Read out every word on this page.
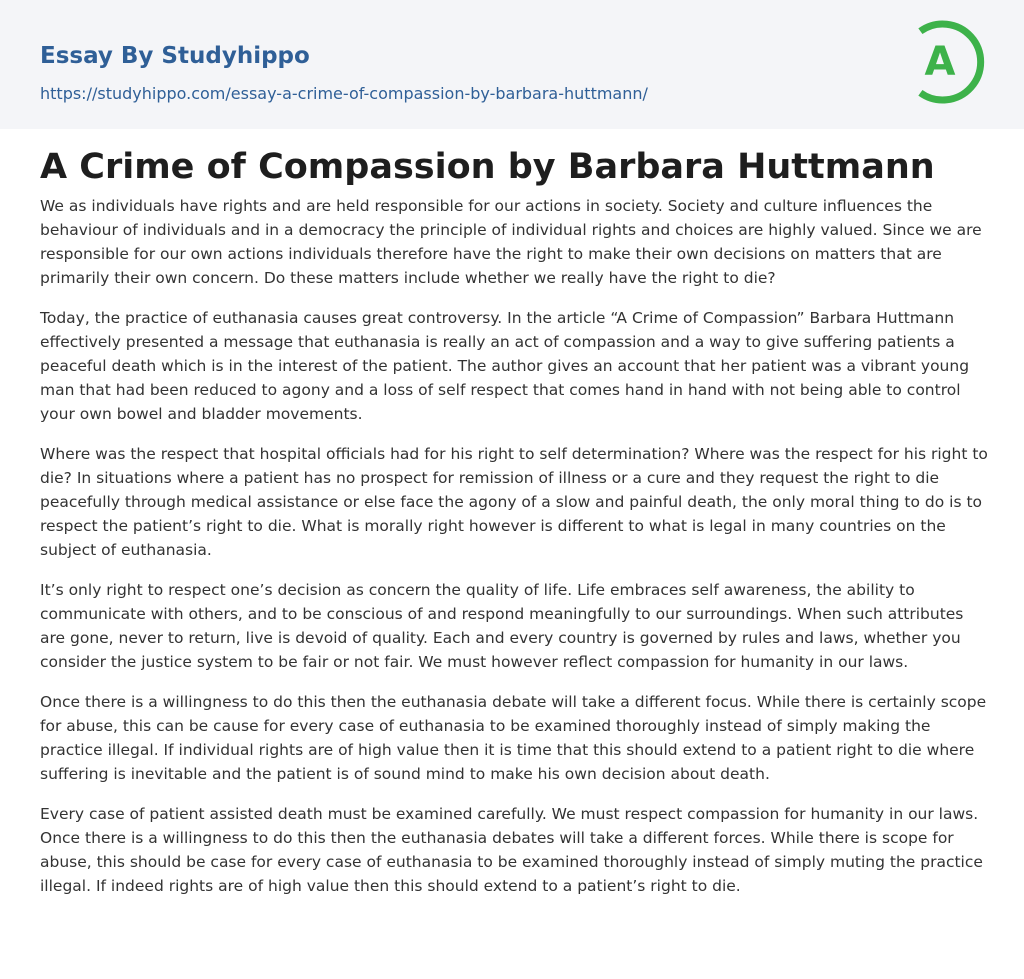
Essay By Studyhippo
https://studyhippo.com/essay-a-crime-of-compassion-by-barbara-huttmann/
A
A Crime of Compassion by Barbara Huttmann

We as individuals have rights and are held responsible for our actions in society. Society and culture influences the behaviour of individuals and in a democracy the principle of individual rights and choices are highly valued. Since we are responsible for our own actions individuals therefore have the right to make their own decisions on matters that are primarily their own concern. Do these matters include whether we really have the right to die?

Today, the practice of euthanasia causes great controversy. In the article “A Crime of Compassion” Barbara Huttmann effectively presented a message that euthanasia is really an act of compassion and a way to give suffering patients a peaceful death which is in the interest of the patient. The author gives an account that her patient was a vibrant young man that had been reduced to agony and a loss of self respect that comes hand in hand with not being able to control your own bowel and bladder movements.

Where was the respect that hospital officials had for his right to self determination? Where was the respect for his right to die? In situations where a patient has no prospect for remission of illness or a cure and they request the right to die peacefully through medical assistance or else face the agony of a slow and painful death, the only moral thing to do is to respect the patient’s right to die. What is morally right however is different to what is legal in many countries on the subject of euthanasia.

It’s only right to respect one’s decision as concern the quality of life. Life embraces self awareness, the ability to communicate with others, and to be conscious of and respond meaningfully to our surroundings. When such attributes are gone, never to return, live is devoid of quality. Each and every country is governed by rules and laws, whether you consider the justice system to be fair or not fair. We must however reflect compassion for humanity in our laws.

Once there is a willingness to do this then the euthanasia debate will take a different focus. While there is certainly scope for abuse, this can be cause for every case of euthanasia to be examined thoroughly instead of simply making the practice illegal. If individual rights are of high value then it is time that this should extend to a patient right to die where suffering is inevitable and the patient is of sound mind to make his own decision about death.

Every case of patient assisted death must be examined carefully. We must respect compassion for humanity in our laws. Once there is a willingness to do this then the euthanasia debates will take a different forces. While there is scope for abuse, this should be case for every case of euthanasia to be examined thoroughly instead of simply muting the practice illegal. If indeed rights are of high value then this should extend to a patient’s right to die.
